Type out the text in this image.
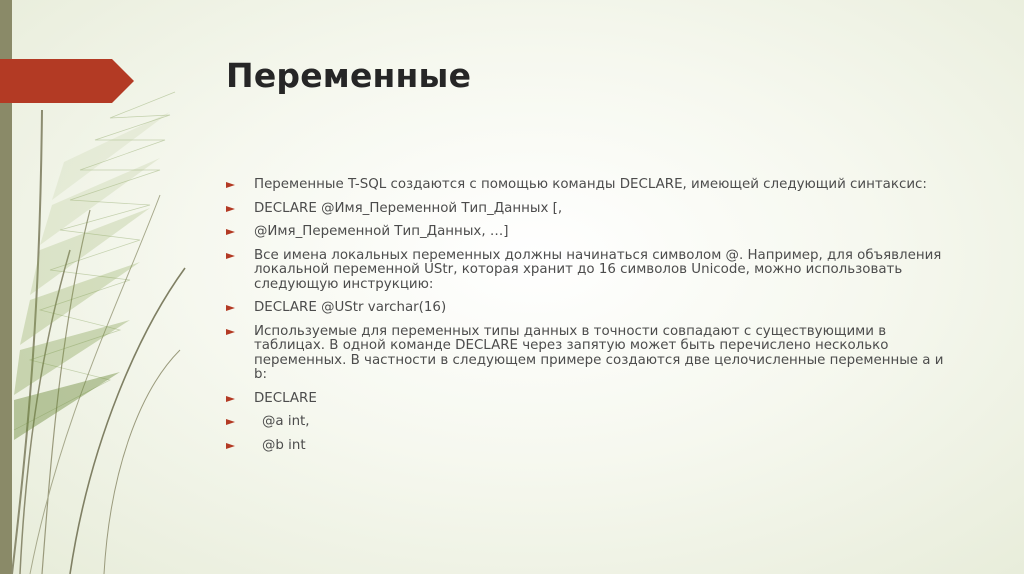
Переменные
Переменные T-SQL создаются с помощью команды DECLARE, имеющей следующий синтаксис:
DECLARE @Имя_Переменной Тип_Данных [,
@Имя_Переменной Тип_Данных, …]
Все имена локальных переменных должны начинаться символом @. Например, для объявления локальной переменной UStr, которая хранит до 16 символов Unicode, можно использовать следующую инструкцию:
DECLARE @UStr varchar(16)
Используемые для переменных типы данных в точности совпадают с существующими в таблицах. В одной команде DECLARE через запятую может быть перечислено несколько переменных. В частности в следующем примере создаются две целочисленные переменные a и b:
DECLARE
@a int,
@b int
